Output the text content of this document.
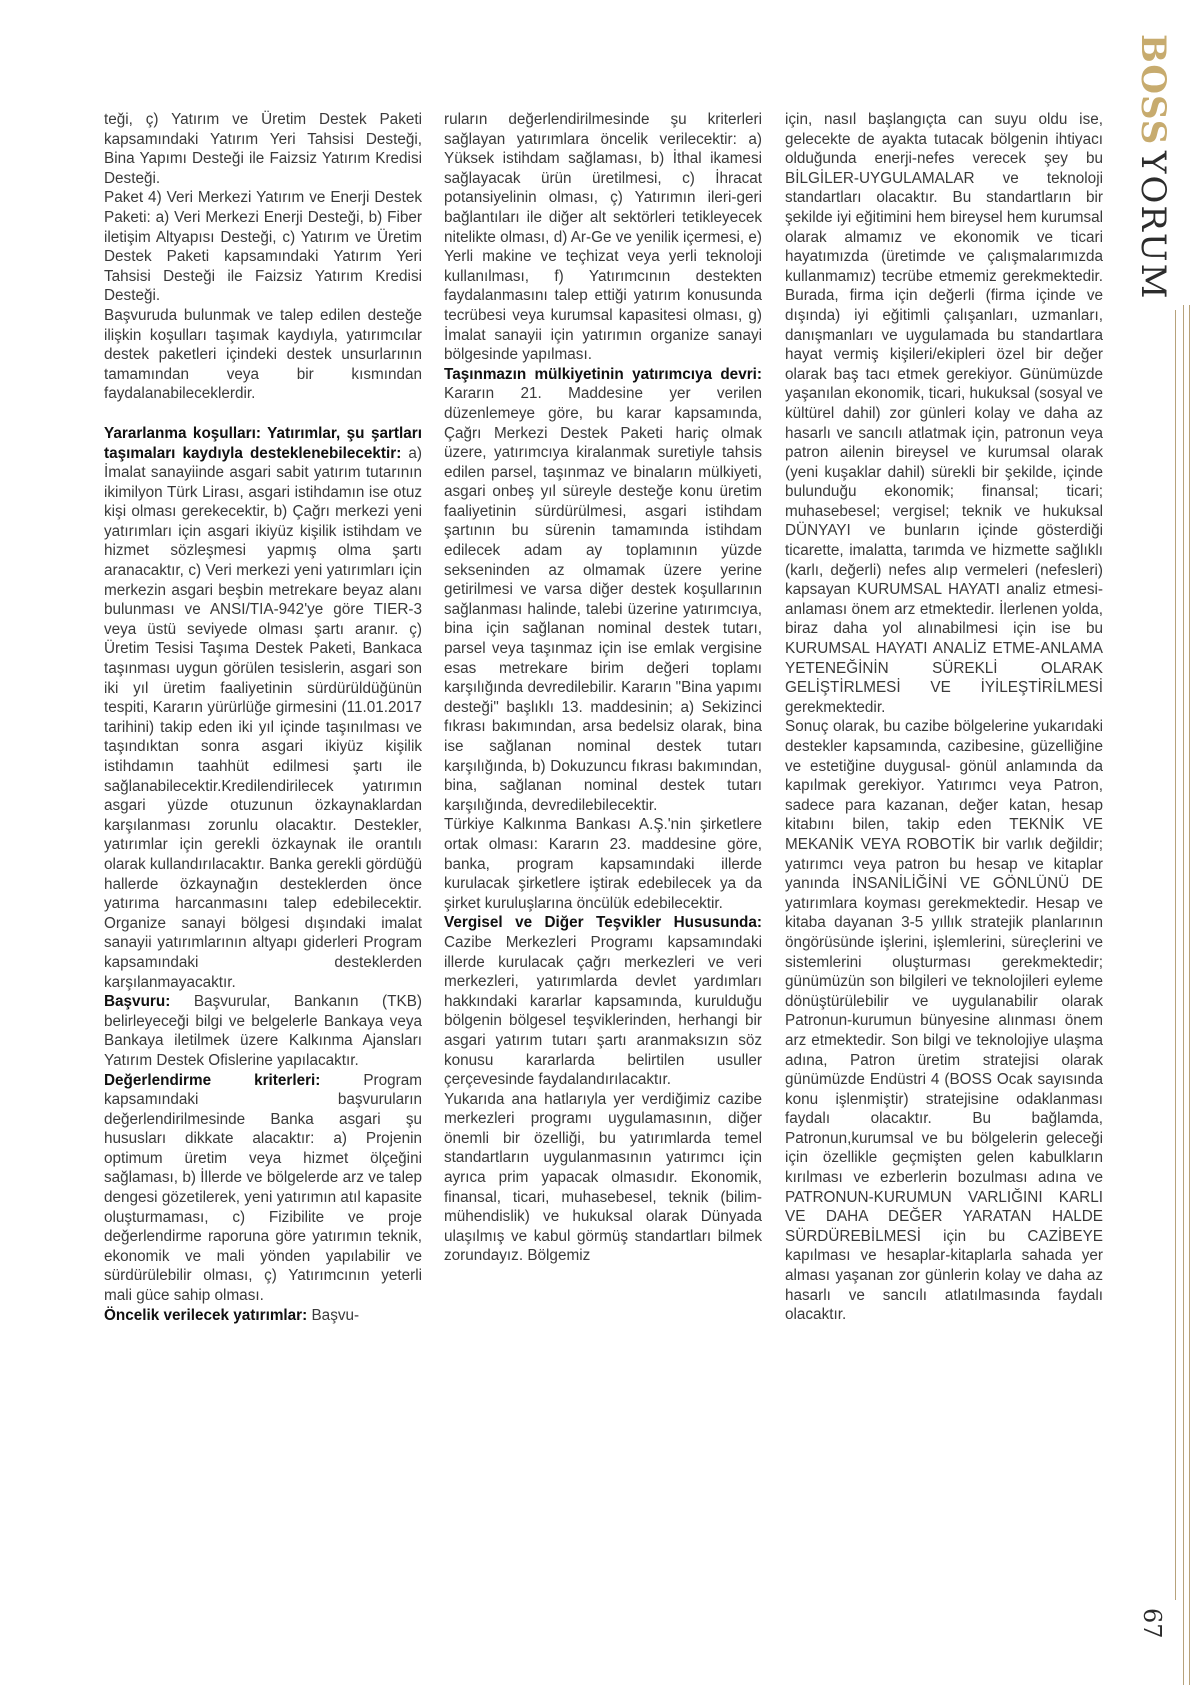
teği, ç) Yatırım ve Üretim Destek Paketi kapsamındaki Yatırım Yeri Tahsisi Desteği, Bina Yapımı Desteği ile Faizsiz Yatırım Kredisi Desteği.

Paket 4) Veri Merkezi Yatırım ve Enerji Destek Paketi: a) Veri Merkezi Enerji Desteği, b) Fiber iletişim Altyapısı Desteği, c) Yatırım ve Üretim Destek Paketi kapsamındaki Yatırım Yeri Tahsisi Desteği ile Faizsiz Yatırım Kredisi Desteği.

Başvuruda bulunmak ve talep edilen desteğe ilişkin koşulları taşımak kaydıyla, yatırımcılar destek paketleri içindeki destek unsurlarının tamamından veya bir kısmından faydalanabileceklerdir.

Yararlanma koşulları: Yatırımlar, şu şartları taşımaları kaydıyla desteklenebilecektir: a) İmalat sanayiinde asgari sabit yatırım tutarının ikimilyon Türk Lirası, asgari istihdamın ise otuz kişi olması gerekecektir, b) Çağrı merkezi yeni yatırımları için asgari ikiyüz kişilik istihdam ve hizmet sözleşmesi yapmış olma şartı aranacaktır, c) Veri merkezi yeni yatırımları için merkezin asgari beşbin metrekare beyaz alanı bulunması ve ANSI/TIA-942'ye göre TIER-3 veya üstü seviyede olması şartı aranır. ç) Üretim Tesisi Taşıma Destek Paketi, Bankaca taşınması uygun görülen tesislerin, asgari son iki yıl üretim faaliyetinin sürdürüldüğünün tespiti, Kararın yürürlüğe girmesini (11.01.2017 tarihini) takip eden iki yıl içinde taşınılması ve taşındıktan sonra asgari ikiyüz kişilik istihdamın taahhüt edilmesi şartı ile sağlanabilecektir.Kredilendirilecek yatırımın asgari yüzde otuzunun özkaynaklardan karşılanması zorunlu olacaktır. Destekler, yatırımlar için gerekli özkaynak ile orantılı olarak kullandırılacaktır. Banka gerekli gördüğü hallerde özkaynağın desteklerden önce yatırıma harcanmasını talep edebilecektir. Organize sanayi bölgesi dışındaki imalat sanayii yatırımlarının altyapı giderleri Program kapsamındaki desteklerden karşılanmayacaktır.

Başvuru: Başvurular, Bankanın (TKB) belirleyeceği bilgi ve belgelerle Bankaya veya Bankaya iletilmek üzere Kalkınma Ajansları Yatırım Destek Ofislerine yapılacaktır.

Değerlendirme kriterleri: Program kapsamındaki başvuruların değerlendirilmesinde Banka asgari şu hususları dikkate alacaktır: a) Projenin optimum üretim veya hizmet ölçeğini sağlaması, b) İllerde ve bölgelerde arz ve talep dengesi gözetilerek, yeni yatırımın atıl kapasite oluşturmaması, c) Fizibilite ve proje değerlendirme raporuna göre yatırımın teknik, ekonomik ve mali yönden yapılabilir ve sürdürülebilir olması, ç) Yatırımcının yeterli mali güce sahip olması.

Öncelik verilecek yatırımlar: Başvu-

ruların değerlendirilmesinde şu kriterleri sağlayan yatırımlara öncelik verilecektir: a) Yüksek istihdam sağlaması, b) İthal ikamesi sağlayacak ürün üretilmesi, c) İhracat potansiyelinin olması, ç) Yatırımın ileri-geri bağlantıları ile diğer alt sektörleri tetikleyecek nitelikte olması, d) Ar-Ge ve yenilik içermesi, e) Yerli makine ve teçhizat veya yerli teknoloji kullanılması, f) Yatırımcının destekten faydalanmasını talep ettiği yatırım konusunda tecrübesi veya kurumsal kapasitesi olması, g) İmalat sanayii için yatırımın organize sanayi bölgesinde yapılması.

Taşınmazın mülkiyetinin yatırımcıya devri: Kararın 21. Maddesine yer verilen düzenlemeye göre, bu karar kapsamında, Çağrı Merkezi Destek Paketi hariç olmak üzere, yatırımcıya kiralanmak suretiyle tahsis edilen parsel, taşınmaz ve binaların mülkiyeti, asgari onbeş yıl süreyle desteğe konu üretim faaliyetinin sürdürülmesi, asgari istihdam şartının bu sürenin tamamında istihdam edilecek adam ay toplamının yüzde sekseninden az olmamak üzere yerine getirilmesi ve varsa diğer destek koşullarının sağlanması halinde, talebi üzerine yatırımcıya, bina için sağlanan nominal destek tutarı, parsel veya taşınmaz için ise emlak vergisine esas metrekare birim değeri toplamı karşılığında devredilebilir. Kararın "Bina yapımı desteği" başlıklı 13. maddesinin; a) Sekizinci fıkrası bakımından, arsa bedelsiz olarak, bina ise sağlanan nominal destek tutarı karşılığında, b) Dokuzuncu fıkrası bakımından, bina, sağlanan nominal destek tutarı karşılığında, devredilebilecektir.

Türkiye Kalkınma Bankası A.Ş.'nin şirketlere ortak olması: Kararın 23. maddesine göre, banka, program kapsamındaki illerde kurulacak şirketlere iştirak edebilecek ya da şirket kuruluşlarına öncülük edebilecektir.

Vergisel ve Diğer Teşvikler Hususunda: Cazibe Merkezleri Programı kapsamındaki illerde kurulacak çağrı merkezleri ve veri merkezleri, yatırımlarda devlet yardımları hakkındaki kararlar kapsamında, kurulduğu bölgenin bölgesel teşviklerinden, herhangi bir asgari yatırım tutarı şartı aranmaksızın söz konusu kararlarda belirtilen usuller çerçevesinde faydalandırılacaktır.

Yukarıda ana hatlarıyla yer verdiğimiz cazibe merkezleri programı uygulamasının, diğer önemli bir özelliği, bu yatırımlarda temel standartların uygulanmasının yatırımcı için ayrıca prim yapacak olmasıdır. Ekonomik, finansal, ticari, muhasebesel, teknik (bilim-mühendislik) ve hukuksal olarak Dünyada ulaşılmış ve kabul görmüş standartları bilmek zorundayız. Bölgemiz

için, nasıl başlangıçta can suyu oldu ise, gelecekte de ayakta tutacak bölgenin ihtiyacı olduğunda enerji-nefes verecek şey bu BİLGİLER-UYGULAMALAR ve teknoloji standartları olacaktır. Bu standartların bir şekilde iyi eğitimini hem bireysel hem kurumsal olarak almamız ve ekonomik ve ticari hayatımızda (üretimde ve çalışmalarımızda kullanmamız) tecrübe etmemiz gerekmektedir. Burada, firma için değerli (firma içinde ve dışında) iyi eğitimli çalışanları, uzmanları, danışmanları ve uygulamada bu standartlara hayat vermiş kişileri/ekipleri özel bir değer olarak baş tacı etmek gerekiyor. Günümüzde yaşanılan ekonomik, ticari, hukuksal (sosyal ve kültürel dahil) zor günleri kolay ve daha az hasarlı ve sancılı atlatmak için, patronun veya patron ailenin bireysel ve kurumsal olarak (yeni kuşaklar dahil) sürekli bir şekilde, içinde bulunduğu ekonomik; finansal; ticari; muhasebesel; vergisel; teknik ve hukuksal DÜNYAYI ve bunların içinde gösterdiği ticarette, imalatta, tarımda ve hizmette sağlıklı (karlı, değerli) nefes alıp vermeleri (nefesleri) kapsayan KURUMSAL HAYATI analiz etmesi-anlaması önem arz etmektedir. İlerlenen yolda, biraz daha yol alınabilmesi için ise bu KURUMSAL HAYATI ANALİZ ETME-ANLAMA YETENEĞİNİN SÜREKLİ OLARAK GELİŞTİRLMESİ VE İYİLEŞTİRİLMESİ gerekmektedir.

Sonuç olarak, bu cazibe bölgelerine yukarıdaki destekler kapsamında, cazibesine, güzelliğine ve estetiğine duygusal- gönül anlamında da kapılmak gerekiyor. Yatırımcı veya Patron, sadece para kazanan, değer katan, hesap kitabını bilen, takip eden TEKNİK VE MEKANİK VEYA ROBOTİK bir varlık değildir; yatırımcı veya patron bu hesap ve kitaplar yanında İNSANİLİĞİNİ VE GÖNLÜNÜ DE yatırımlara koyması gerekmektedir. Hesap ve kitaba dayanan 3-5 yıllık stratejik planlarının öngörüsünde işlerini, işlemlerini, süreçlerini ve sistemlerini oluşturması gerekmektedir; günümüzün son bilgileri ve teknolojileri eyleme dönüştürülebilir ve uygulanabilir olarak Patronun-kurumun bünyesine alınması önem arz etmektedir. Son bilgi ve teknolojiye ulaşma adına, Patron üretim stratejisi olarak günümüzde Endüstri 4 (BOSS Ocak sayısında konu işlenmiştir) stratejisine odaklanması faydalı olacaktır. Bu bağlamda, Patronun,kurumsal ve bu bölgelerin geleceği için özellikle geçmişten gelen kabulkların kırılması ve ezberlerin bozulması adına ve PATRONUN-KURUMUN VARLIĞINI KARLI VE DAHA DEĞER YARATAN HALDE SÜRDÜREBİLMESİ için bu CAZİBEYE kapılması ve hesaplar-kitaplarla sahada yer alması yaşanan zor günlerin kolay ve daha az hasarlı ve sancılı atlatılmasında faydalı olacaktır.

BOSSYORUM
67
